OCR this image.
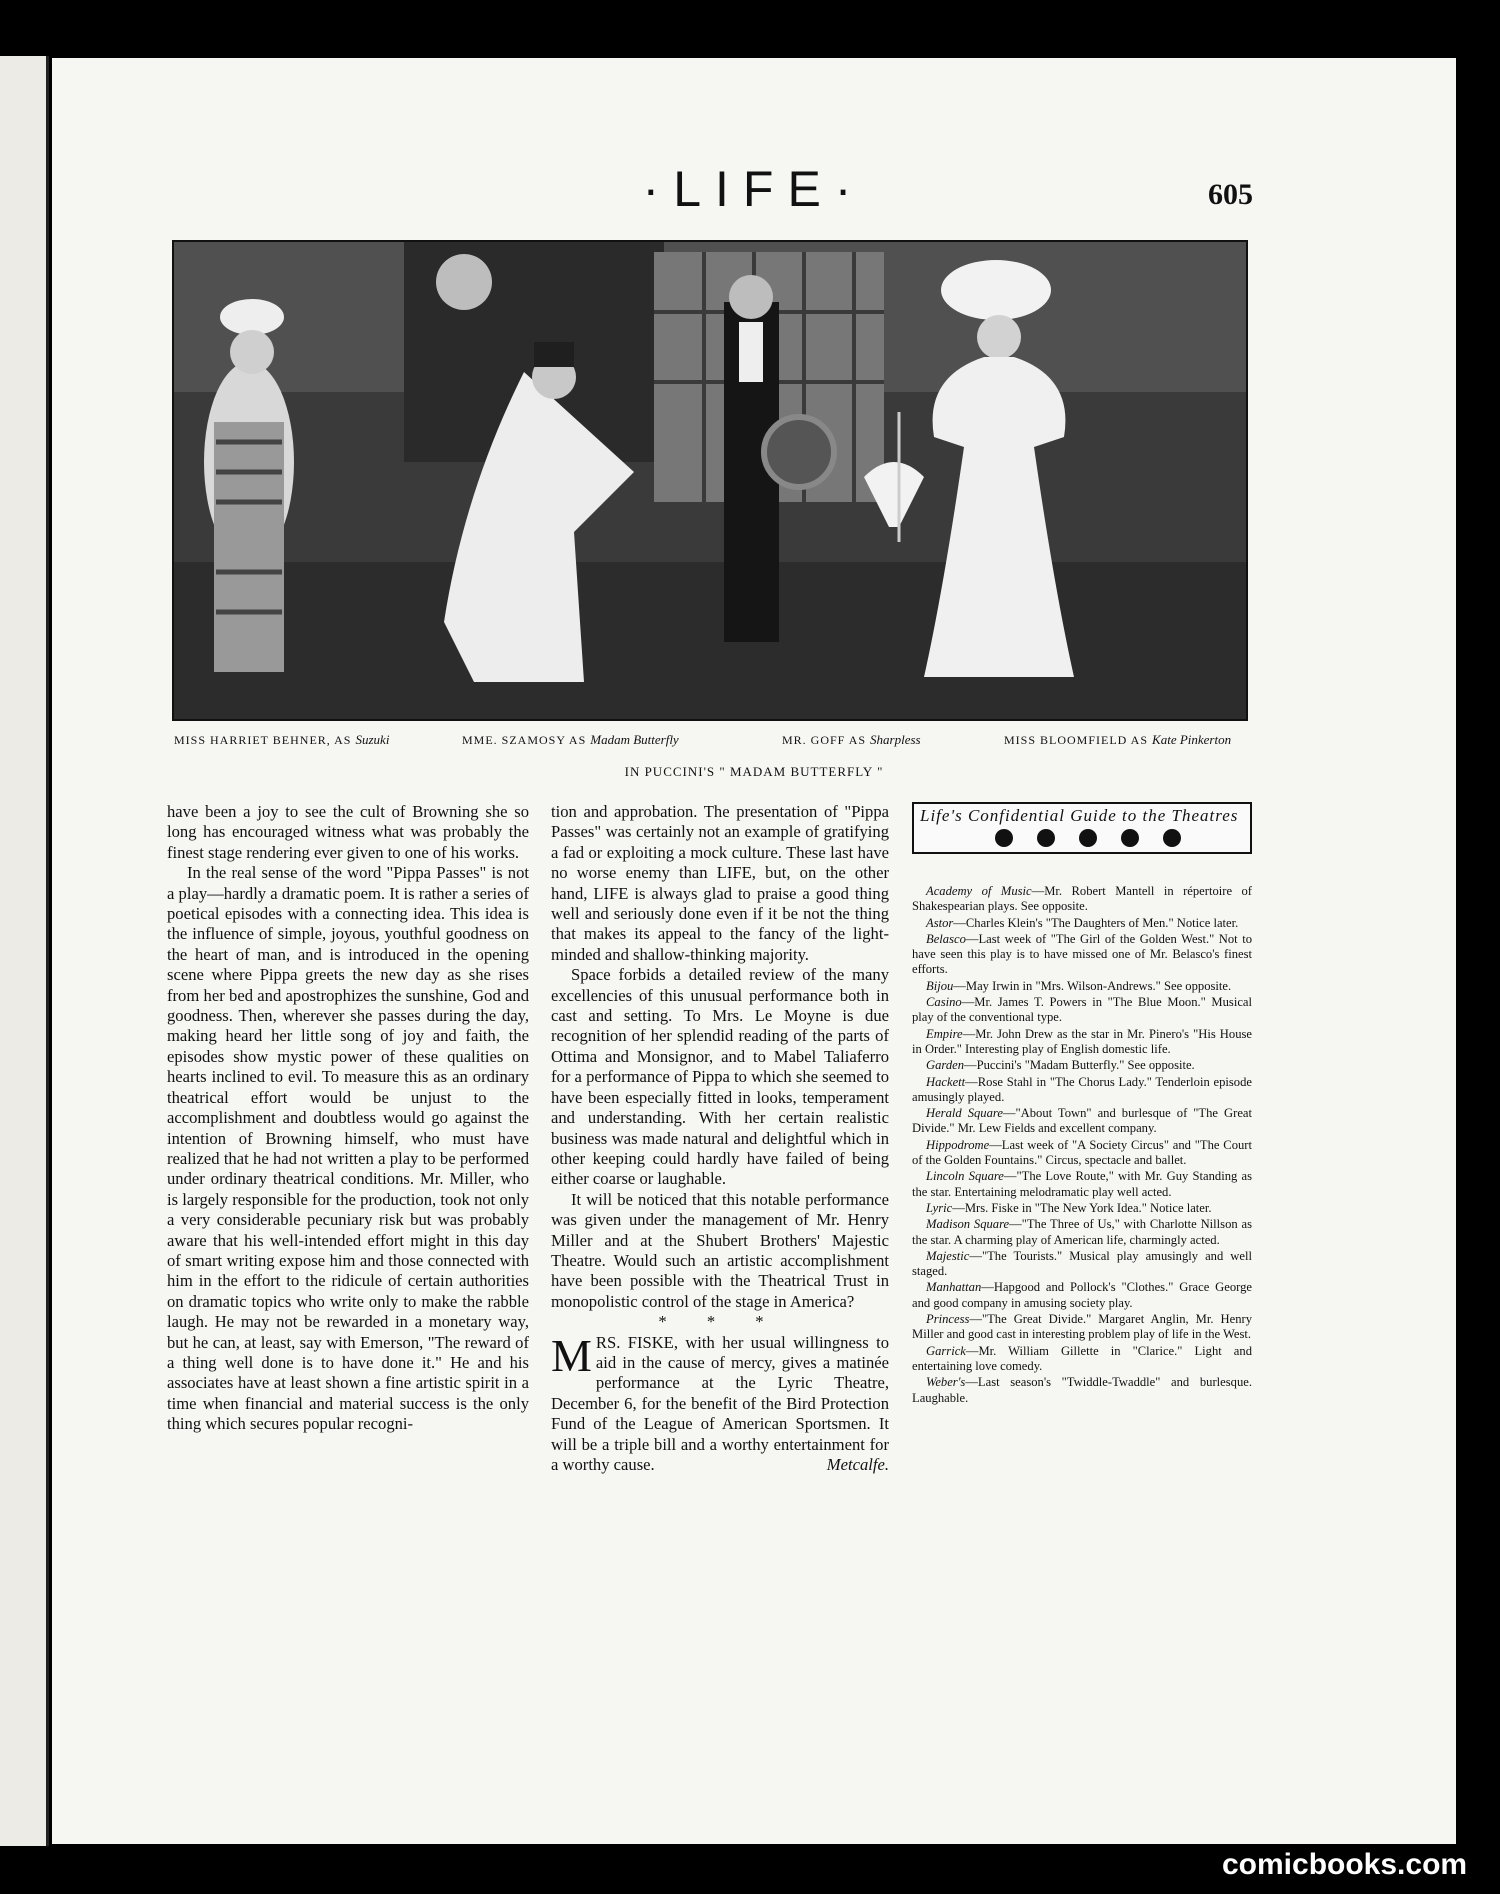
·LIFE·	605
MISS HARRIET BEHNER, AS Suzuki	MME. SZAMOSY AS Madam Butterfly	MR. GOFF AS Sharpless	MISS BLOOMFIELD AS Kate Pinkerton
IN PUCCINI'S " MADAM BUTTERFLY "

have been a joy to see the cult of Browning she so long has encouraged witness what was probably the finest stage rendering ever given to one of his works.

In the real sense of the word "Pippa Passes" is not a play—hardly a dramatic poem. It is rather a series of poetical episodes with a connecting idea. This idea is the influence of simple, joyous, youthful goodness on the heart of man, and is introduced in the opening scene where Pippa greets the new day as she rises from her bed and apostrophizes the sunshine, God and goodness. Then, wherever she passes during the day, making heard her little song of joy and faith, the episodes show mystic power of these qualities on hearts inclined to evil. To measure this as an ordinary theatrical effort would be unjust to the accomplishment and doubtless would go against the intention of Browning himself, who must have realized that he had not written a play to be performed under ordinary theatrical conditions. Mr. Miller, who is largely responsible for the production, took not only a very considerable pecuniary risk but was probably aware that his well-intended effort might in this day of smart writing expose him and those connected with him in the effort to the ridicule of certain authorities on dramatic topics who write only to make the rabble laugh. He may not be rewarded in a monetary way, but he can, at least, say with Emerson, "The reward of a thing well done is to have done it." He and his associates have at least shown a fine artistic spirit in a time when financial and material success is the only thing which secures popular recogni-

tion and approbation. The presentation of "Pippa Passes" was certainly not an example of gratifying a fad or exploiting a mock culture. These last have no worse enemy than LIFE, but, on the other hand, LIFE is always glad to praise a good thing well and seriously done even if it be not the thing that makes its appeal to the fancy of the light-minded and shallow-thinking majority.

Space forbids a detailed review of the many excellencies of this unusual performance both in cast and setting. To Mrs. Le Moyne is due recognition of her splendid reading of the parts of Ottima and Monsignor, and to Mabel Taliaferro for a performance of Pippa to which she seemed to have been especially fitted in looks, temperament and understanding. With her certain realistic business was made natural and delightful which in other keeping could hardly have failed of being either coarse or laughable.

It will be noticed that this notable performance was given under the management of Mr. Henry Miller and at the Shubert Brothers' Majestic Theatre. Would such an artistic accomplishment have been possible with the Theatrical Trust in monopolistic control of the stage in America?

* * *

MRS. FISKE, with her usual willingness to aid in the cause of mercy, gives a matinée performance at the Lyric Theatre, December 6, for the benefit of the Bird Protection Fund of the League of American Sportsmen. It will be a triple bill and a worthy entertainment for a worthy cause.	Metcalfe.

Life's Confidential Guide to the Theatres

Academy of Music—Mr. Robert Mantell in répertoire of Shakespearian plays. See opposite.

Astor—Charles Klein's "The Daughters of Men." Notice later.

Belasco—Last week of "The Girl of the Golden West." Not to have seen this play is to have missed one of Mr. Belasco's finest efforts.

Bijou—May Irwin in "Mrs. Wilson-Andrews." See opposite.

Casino—Mr. James T. Powers in "The Blue Moon." Musical play of the conventional type.

Empire—Mr. John Drew as the star in Mr. Pinero's "His House in Order." Interesting play of English domestic life.

Garden—Puccini's "Madam Butterfly." See opposite.

Hackett—Rose Stahl in "The Chorus Lady." Tenderloin episode amusingly played.

Herald Square—"About Town" and burlesque of "The Great Divide." Mr. Lew Fields and excellent company.

Hippodrome—Last week of "A Society Circus" and "The Court of the Golden Fountains." Circus, spectacle and ballet.

Lincoln Square—"The Love Route," with Mr. Guy Standing as the star. Entertaining melodramatic play well acted.

Lyric—Mrs. Fiske in "The New York Idea." Notice later.

Madison Square—"The Three of Us," with Charlotte Nillson as the star. A charming play of American life, charmingly acted.

Majestic—"The Tourists." Musical play amusingly and well staged.

Manhattan—Hapgood and Pollock's "Clothes." Grace George and good company in amusing society play.

Princess—"The Great Divide." Margaret Anglin, Mr. Henry Miller and good cast in interesting problem play of life in the West.

Garrick—Mr. William Gillette in "Clarice." Light and entertaining love comedy.

Weber's—Last season's "Twiddle-Twaddle" and burlesque. Laughable.

comicbooks.com
